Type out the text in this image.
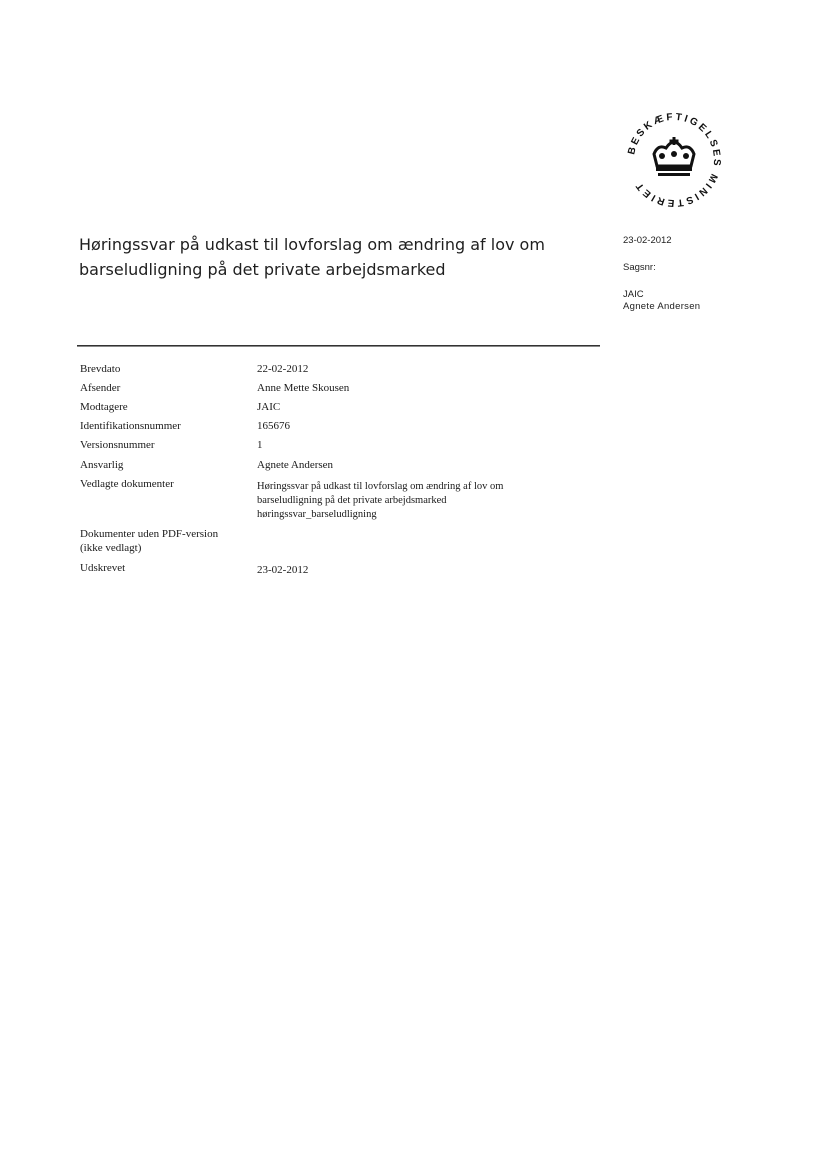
BESKÆFTIGELSES MINISTERIET
Høringssvar på udkast til lovforslag om ændring af lov om
barseludligning på det private arbejdsmarked
23-02-2012
Sagsnr:
JAIC
Agnete Andersen
Brevdato	22-02-2012
Afsender	Anne Mette Skousen
Modtagere	JAIC
Identifikationsnummer	165676
Versionsnummer	1
Ansvarlig	Agnete Andersen
Vedlagte dokumenter	Høringssvar på udkast til lovforslag om ændring af lov om
barseludligning på det private arbejdsmarked
høringssvar_barseludligning
Dokumenter uden PDF-version
(ikke vedlagt)
Udskrevet	23-02-2012
